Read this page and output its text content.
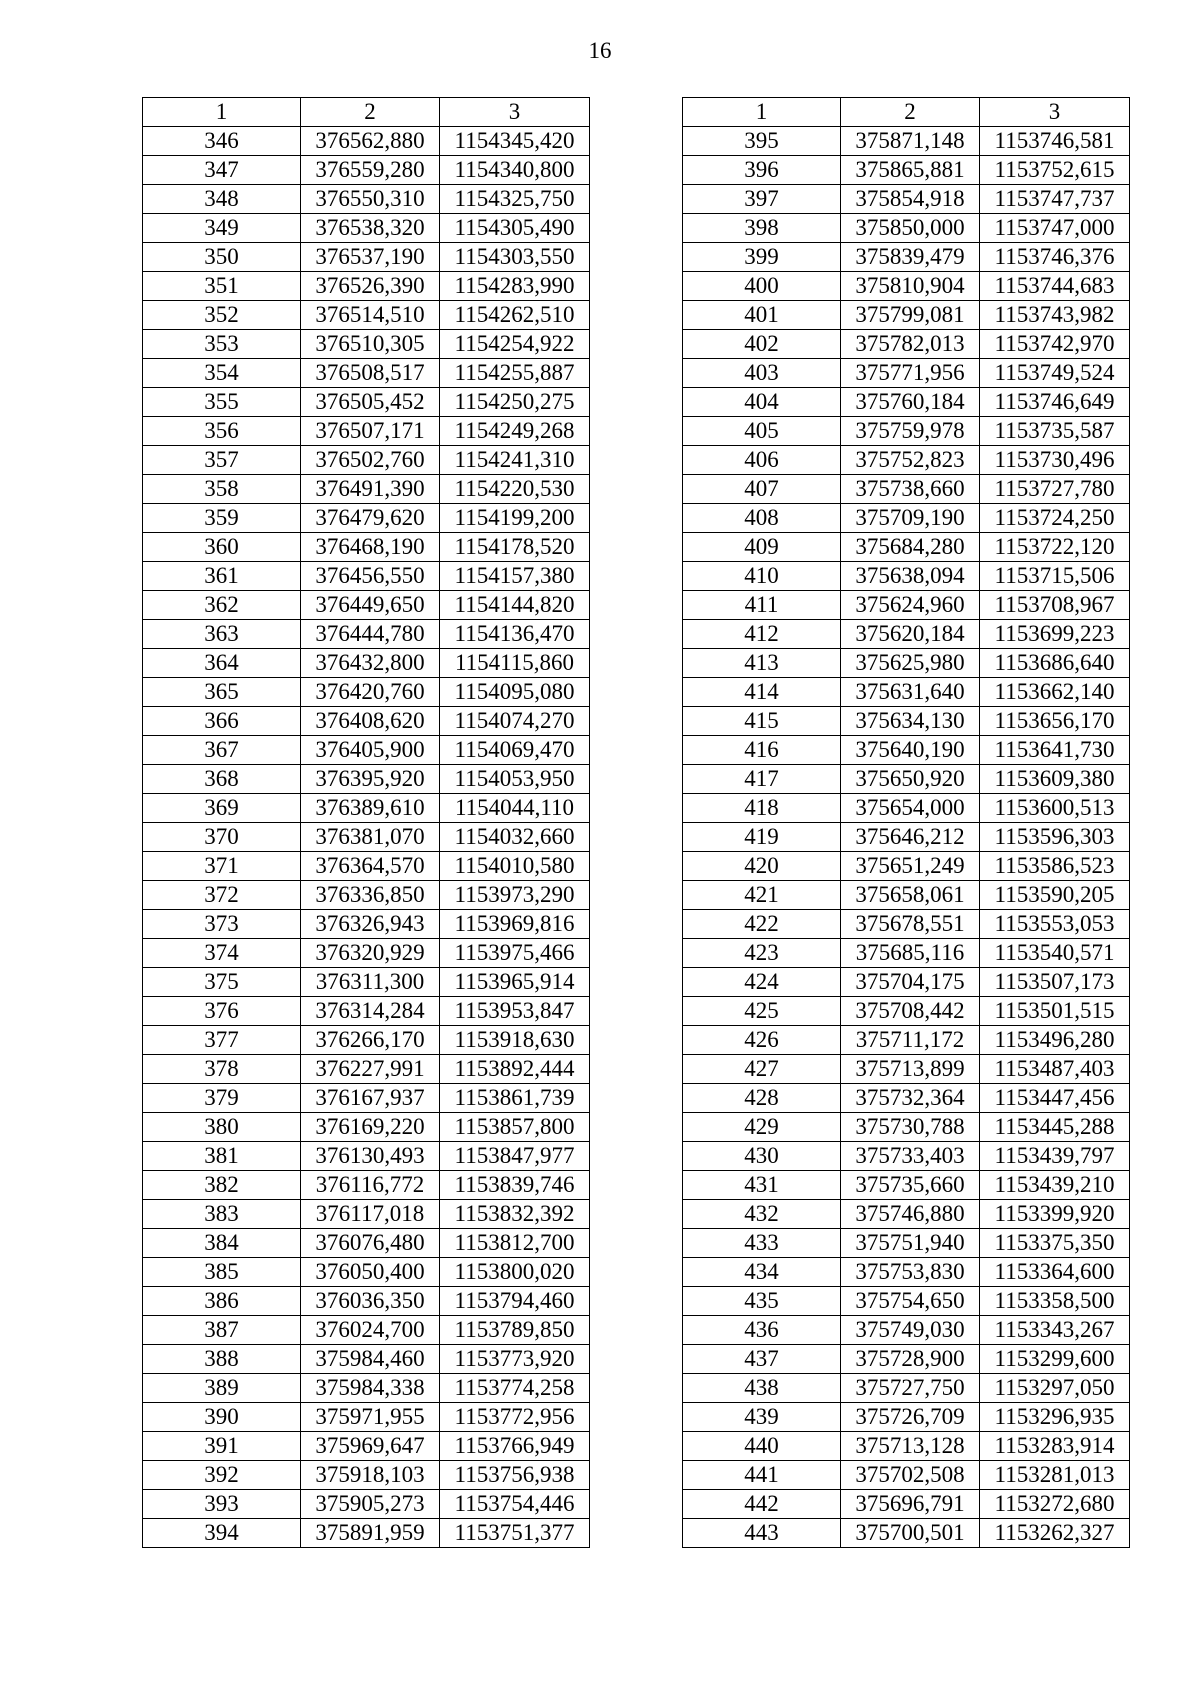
16
1	2	3
346	376562,880	1154345,420
347	376559,280	1154340,800
348	376550,310	1154325,750
349	376538,320	1154305,490
350	376537,190	1154303,550
351	376526,390	1154283,990
352	376514,510	1154262,510
353	376510,305	1154254,922
354	376508,517	1154255,887
355	376505,452	1154250,275
356	376507,171	1154249,268
357	376502,760	1154241,310
358	376491,390	1154220,530
359	376479,620	1154199,200
360	376468,190	1154178,520
361	376456,550	1154157,380
362	376449,650	1154144,820
363	376444,780	1154136,470
364	376432,800	1154115,860
365	376420,760	1154095,080
366	376408,620	1154074,270
367	376405,900	1154069,470
368	376395,920	1154053,950
369	376389,610	1154044,110
370	376381,070	1154032,660
371	376364,570	1154010,580
372	376336,850	1153973,290
373	376326,943	1153969,816
374	376320,929	1153975,466
375	376311,300	1153965,914
376	376314,284	1153953,847
377	376266,170	1153918,630
378	376227,991	1153892,444
379	376167,937	1153861,739
380	376169,220	1153857,800
381	376130,493	1153847,977
382	376116,772	1153839,746
383	376117,018	1153832,392
384	376076,480	1153812,700
385	376050,400	1153800,020
386	376036,350	1153794,460
387	376024,700	1153789,850
388	375984,460	1153773,920
389	375984,338	1153774,258
390	375971,955	1153772,956
391	375969,647	1153766,949
392	375918,103	1153756,938
393	375905,273	1153754,446
394	375891,959	1153751,377
1	2	3
395	375871,148	1153746,581
396	375865,881	1153752,615
397	375854,918	1153747,737
398	375850,000	1153747,000
399	375839,479	1153746,376
400	375810,904	1153744,683
401	375799,081	1153743,982
402	375782,013	1153742,970
403	375771,956	1153749,524
404	375760,184	1153746,649
405	375759,978	1153735,587
406	375752,823	1153730,496
407	375738,660	1153727,780
408	375709,190	1153724,250
409	375684,280	1153722,120
410	375638,094	1153715,506
411	375624,960	1153708,967
412	375620,184	1153699,223
413	375625,980	1153686,640
414	375631,640	1153662,140
415	375634,130	1153656,170
416	375640,190	1153641,730
417	375650,920	1153609,380
418	375654,000	1153600,513
419	375646,212	1153596,303
420	375651,249	1153586,523
421	375658,061	1153590,205
422	375678,551	1153553,053
423	375685,116	1153540,571
424	375704,175	1153507,173
425	375708,442	1153501,515
426	375711,172	1153496,280
427	375713,899	1153487,403
428	375732,364	1153447,456
429	375730,788	1153445,288
430	375733,403	1153439,797
431	375735,660	1153439,210
432	375746,880	1153399,920
433	375751,940	1153375,350
434	375753,830	1153364,600
435	375754,650	1153358,500
436	375749,030	1153343,267
437	375728,900	1153299,600
438	375727,750	1153297,050
439	375726,709	1153296,935
440	375713,128	1153283,914
441	375702,508	1153281,013
442	375696,791	1153272,680
443	375700,501	1153262,327
